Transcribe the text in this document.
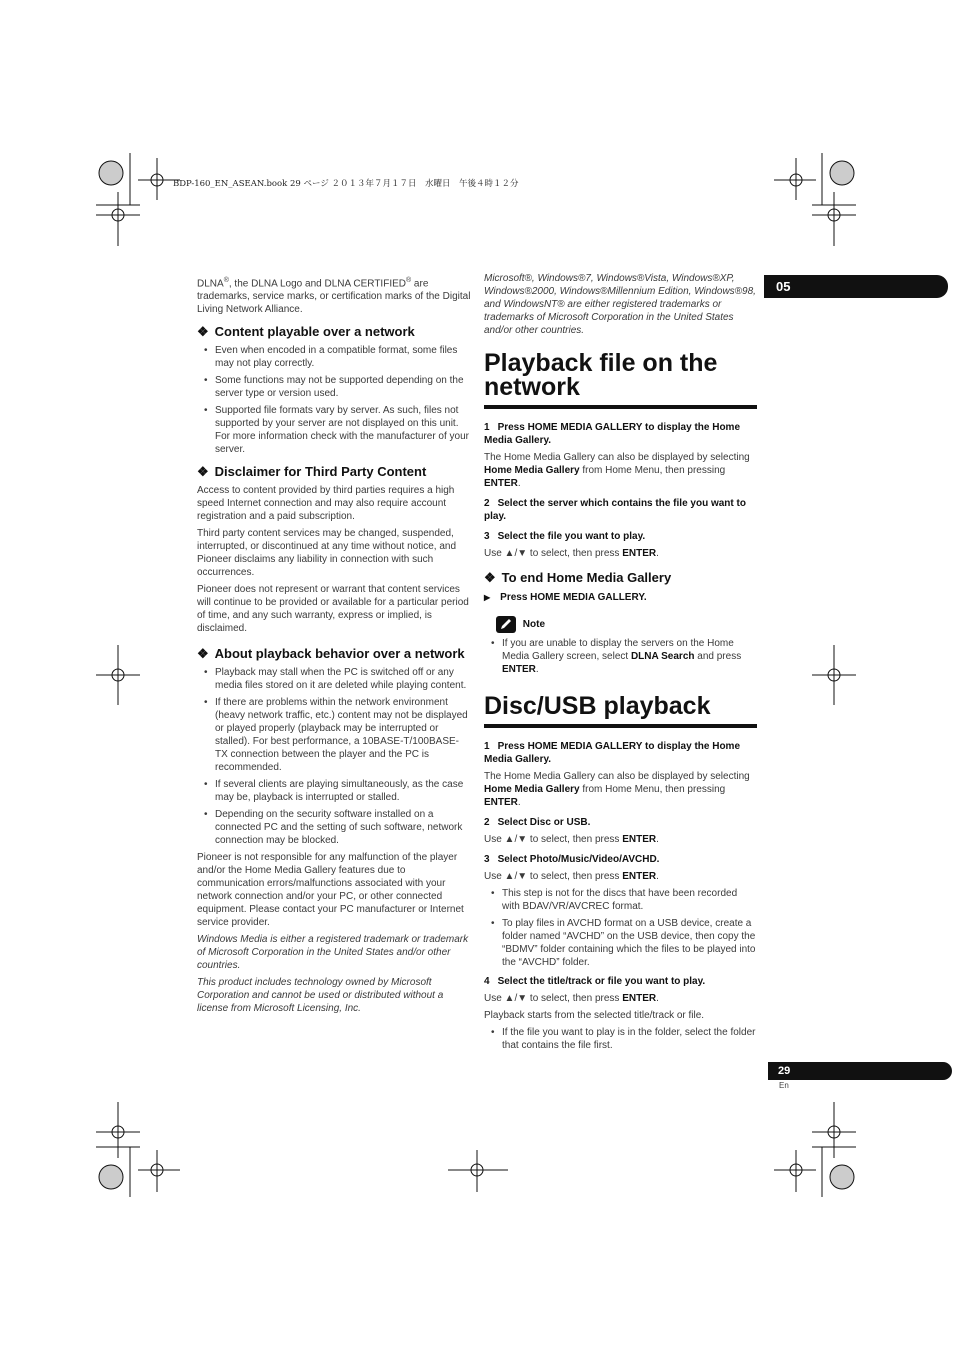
BDP-160_EN_ASEAN.book 29 ページ ２０１３年７月１７日　水曜日　午後４時１２分
05
29
En

DLNA®, the DLNA Logo and DLNA CERTIFIED® are trademarks, service marks, or certification marks of the Digital Living Network Alliance.

❖ Content playable over a network
• Even when encoded in a compatible format, some files may not play correctly.
• Some functions may not be supported depending on the server type or version used.
• Supported file formats vary by server. As such, files not supported by your server are not displayed on this unit. For more information check with the manufacturer of your server.
❖ Disclaimer for Third Party Content

Access to content provided by third parties requires a high speed Internet connection and may also require account registration and a paid subscription.

Third party content services may be changed, suspended, interrupted, or discontinued at any time without notice, and Pioneer disclaims any liability in connection with such occurrences.

Pioneer does not represent or warrant that content services will continue to be provided or available for a particular period of time, and any such warranty, express or implied, is disclaimed.

❖ About playback behavior over a network
• Playback may stall when the PC is switched off or any media files stored on it are deleted while playing content.
• If there are problems within the network environment (heavy network traffic, etc.) content may not be displayed or played properly (playback may be interrupted or stalled). For best performance, a 10BASE-T/100BASE-TX connection between the player and the PC is recommended.
• If several clients are playing simultaneously, as the case may be, playback is interrupted or stalled.
• Depending on the security software installed on a connected PC and the setting of such software, network connection may be blocked.

Pioneer is not responsible for any malfunction of the player and/or the Home Media Gallery features due to communication errors/malfunctions associated with your network connection and/or your PC, or other connected equipment. Please contact your PC manufacturer or Internet service provider.

Windows Media is either a registered trademark or trademark of Microsoft Corporation in the United States and/or other countries.

This product includes technology owned by Microsoft Corporation and cannot be used or distributed without a license from Microsoft Licensing, Inc.

Microsoft®, Windows®7, Windows®Vista, Windows®XP, Windows®2000, Windows®Millennium Edition, Windows®98, and WindowsNT® are either registered trademarks or trademarks of Microsoft Corporation in the United States and/or other countries.

Playback file on the network

1 Press HOME MEDIA GALLERY to display the Home Media Gallery.

The Home Media Gallery can also be displayed by selecting Home Media Gallery from Home Menu, then pressing ENTER.

2 Select the server which contains the file you want to play.

3 Select the file you want to play.

Use ▲/▼ to select, then press ENTER.

❖ To end Home Media Gallery

▶ Press HOME MEDIA GALLERY.

Note
• If you are unable to display the servers on the Home Media Gallery screen, select DLNA Search and press ENTER.
Disc/USB playback

1 Press HOME MEDIA GALLERY to display the Home Media Gallery.

The Home Media Gallery can also be displayed by selecting Home Media Gallery from Home Menu, then pressing ENTER.

2 Select Disc or USB.

Use ▲/▼ to select, then press ENTER.

3 Select Photo/Music/Video/AVCHD.

Use ▲/▼ to select, then press ENTER.

• This step is not for the discs that have been recorded with BDAV/VR/AVCREC format.
• To play files in AVCHD format on a USB device, create a folder named “AVCHD” on the USB device, then copy the “BDMV” folder containing which the files to be played into the “AVCHD” folder.

4 Select the title/track or file you want to play.

Use ▲/▼ to select, then press ENTER.

Playback starts from the selected title/track or file.

• If the file you want to play is in the folder, select the folder that contains the file first.
